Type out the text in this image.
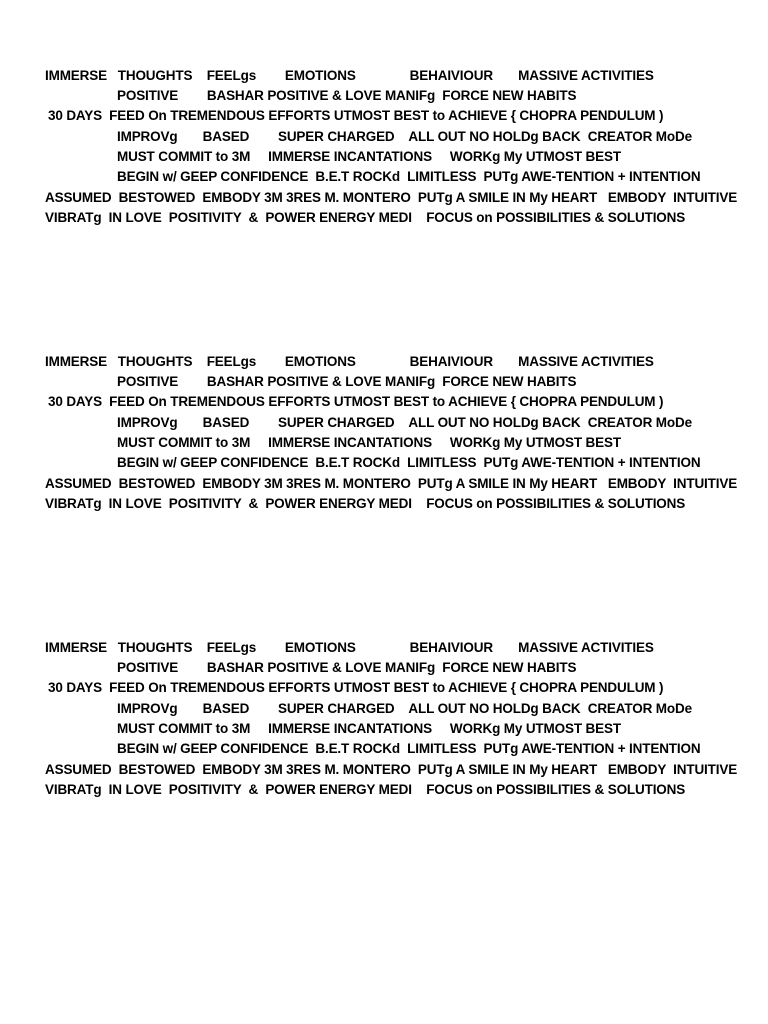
IMMERSE   THOUGHTS    FEELgs        EMOTIONS               BEHAIVIOUR       MASSIVE ACTIVITIES
POSITIVE        BASHAR POSITIVE & LOVE MANIFg  FORCE NEW HABITS
30 DAYS  FEED On TREMENDOUS EFFORTS UTMOST BEST to ACHIEVE { CHOPRA PENDULUM )
IMPROVg       BASED        SUPER CHARGED    ALL OUT NO HOLDg BACK  CREATOR MoDe
MUST COMMIT to 3M     IMMERSE INCANTATIONS     WORKg My UTMOST BEST
BEGIN w/ GEEP CONFIDENCE  B.E.T ROCKd  LIMITLESS  PUTg AWE-TENTION + INTENTION
ASSUMED  BESTOWED  EMBODY 3M 3RES M. MONTERO  PUTg A SMILE IN My HEART   EMBODY  INTUITIVE
VIBRATg  IN LOVE  POSITIVITY  &  POWER ENERGY MEDI    FOCUS on POSSIBILITIES & SOLUTIONS
IMMERSE   THOUGHTS    FEELgs        EMOTIONS               BEHAIVIOUR       MASSIVE ACTIVITIES
POSITIVE        BASHAR POSITIVE & LOVE MANIFg  FORCE NEW HABITS
30 DAYS  FEED On TREMENDOUS EFFORTS UTMOST BEST to ACHIEVE { CHOPRA PENDULUM )
IMPROVg       BASED        SUPER CHARGED    ALL OUT NO HOLDg BACK  CREATOR MoDe
MUST COMMIT to 3M     IMMERSE INCANTATIONS     WORKg My UTMOST BEST
BEGIN w/ GEEP CONFIDENCE  B.E.T ROCKd  LIMITLESS  PUTg AWE-TENTION + INTENTION
ASSUMED  BESTOWED  EMBODY 3M 3RES M. MONTERO  PUTg A SMILE IN My HEART   EMBODY  INTUITIVE
VIBRATg  IN LOVE  POSITIVITY  &  POWER ENERGY MEDI    FOCUS on POSSIBILITIES & SOLUTIONS
IMMERSE   THOUGHTS    FEELgs        EMOTIONS               BEHAIVIOUR       MASSIVE ACTIVITIES
POSITIVE        BASHAR POSITIVE & LOVE MANIFg  FORCE NEW HABITS
30 DAYS  FEED On TREMENDOUS EFFORTS UTMOST BEST to ACHIEVE { CHOPRA PENDULUM )
IMPROVg       BASED        SUPER CHARGED    ALL OUT NO HOLDg BACK  CREATOR MoDe
MUST COMMIT to 3M     IMMERSE INCANTATIONS     WORKg My UTMOST BEST
BEGIN w/ GEEP CONFIDENCE  B.E.T ROCKd  LIMITLESS  PUTg AWE-TENTION + INTENTION
ASSUMED  BESTOWED  EMBODY 3M 3RES M. MONTERO  PUTg A SMILE IN My HEART   EMBODY  INTUITIVE
VIBRATg  IN LOVE  POSITIVITY  &  POWER ENERGY MEDI    FOCUS on POSSIBILITIES & SOLUTIONS
